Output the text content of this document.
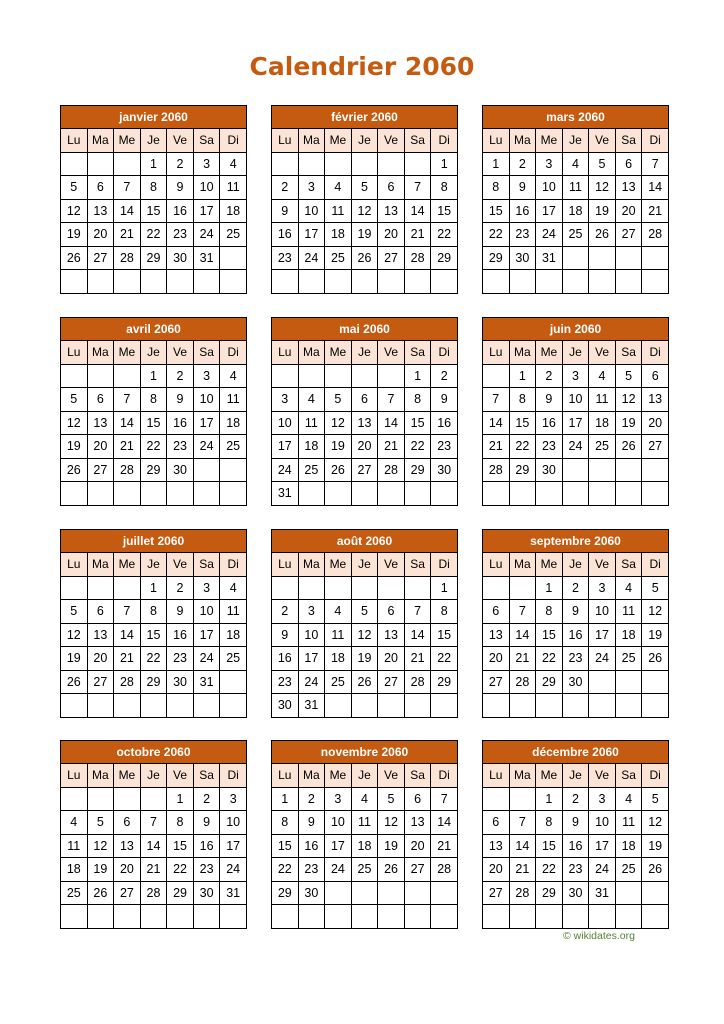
Calendrier 2060
janvier 2060						
Lu	Ma	Me	Je	Ve	Sa	Di
			1	2	3	4
5	6	7	8	9	10	11
12	13	14	15	16	17	18
19	20	21	22	23	24	25
26	27	28	29	30	31	

février 2060						
Lu	Ma	Me	Je	Ve	Sa	Di
						1
2	3	4	5	6	7	8
9	10	11	12	13	14	15
16	17	18	19	20	21	22
23	24	25	26	27	28	29

mars 2060						
Lu	Ma	Me	Je	Ve	Sa	Di
1	2	3	4	5	6	7
8	9	10	11	12	13	14
15	16	17	18	19	20	21
22	23	24	25	26	27	28
29	30	31				

avril 2060						
Lu	Ma	Me	Je	Ve	Sa	Di
			1	2	3	4
5	6	7	8	9	10	11
12	13	14	15	16	17	18
19	20	21	22	23	24	25
26	27	28	29	30		

mai 2060						
Lu	Ma	Me	Je	Ve	Sa	Di
					1	2
3	4	5	6	7	8	9
10	11	12	13	14	15	16
17	18	19	20	21	22	23
24	25	26	27	28	29	30
31						
juin 2060						
Lu	Ma	Me	Je	Ve	Sa	Di
	1	2	3	4	5	6
7	8	9	10	11	12	13
14	15	16	17	18	19	20
21	22	23	24	25	26	27
28	29	30				

juillet 2060						
Lu	Ma	Me	Je	Ve	Sa	Di
			1	2	3	4
5	6	7	8	9	10	11
12	13	14	15	16	17	18
19	20	21	22	23	24	25
26	27	28	29	30	31	

août 2060						
Lu	Ma	Me	Je	Ve	Sa	Di
						1
2	3	4	5	6	7	8
9	10	11	12	13	14	15
16	17	18	19	20	21	22
23	24	25	26	27	28	29
30	31					
septembre 2060						
Lu	Ma	Me	Je	Ve	Sa	Di
		1	2	3	4	5
6	7	8	9	10	11	12
13	14	15	16	17	18	19
20	21	22	23	24	25	26
27	28	29	30			

octobre 2060						
Lu	Ma	Me	Je	Ve	Sa	Di
				1	2	3
4	5	6	7	8	9	10
11	12	13	14	15	16	17
18	19	20	21	22	23	24
25	26	27	28	29	30	31

novembre 2060						
Lu	Ma	Me	Je	Ve	Sa	Di
1	2	3	4	5	6	7
8	9	10	11	12	13	14
15	16	17	18	19	20	21
22	23	24	25	26	27	28
29	30					

décembre 2060						
Lu	Ma	Me	Je	Ve	Sa	Di
		1	2	3	4	5
6	7	8	9	10	11	12
13	14	15	16	17	18	19
20	21	22	23	24	25	26
27	28	29	30	31		

© wikidates.org
